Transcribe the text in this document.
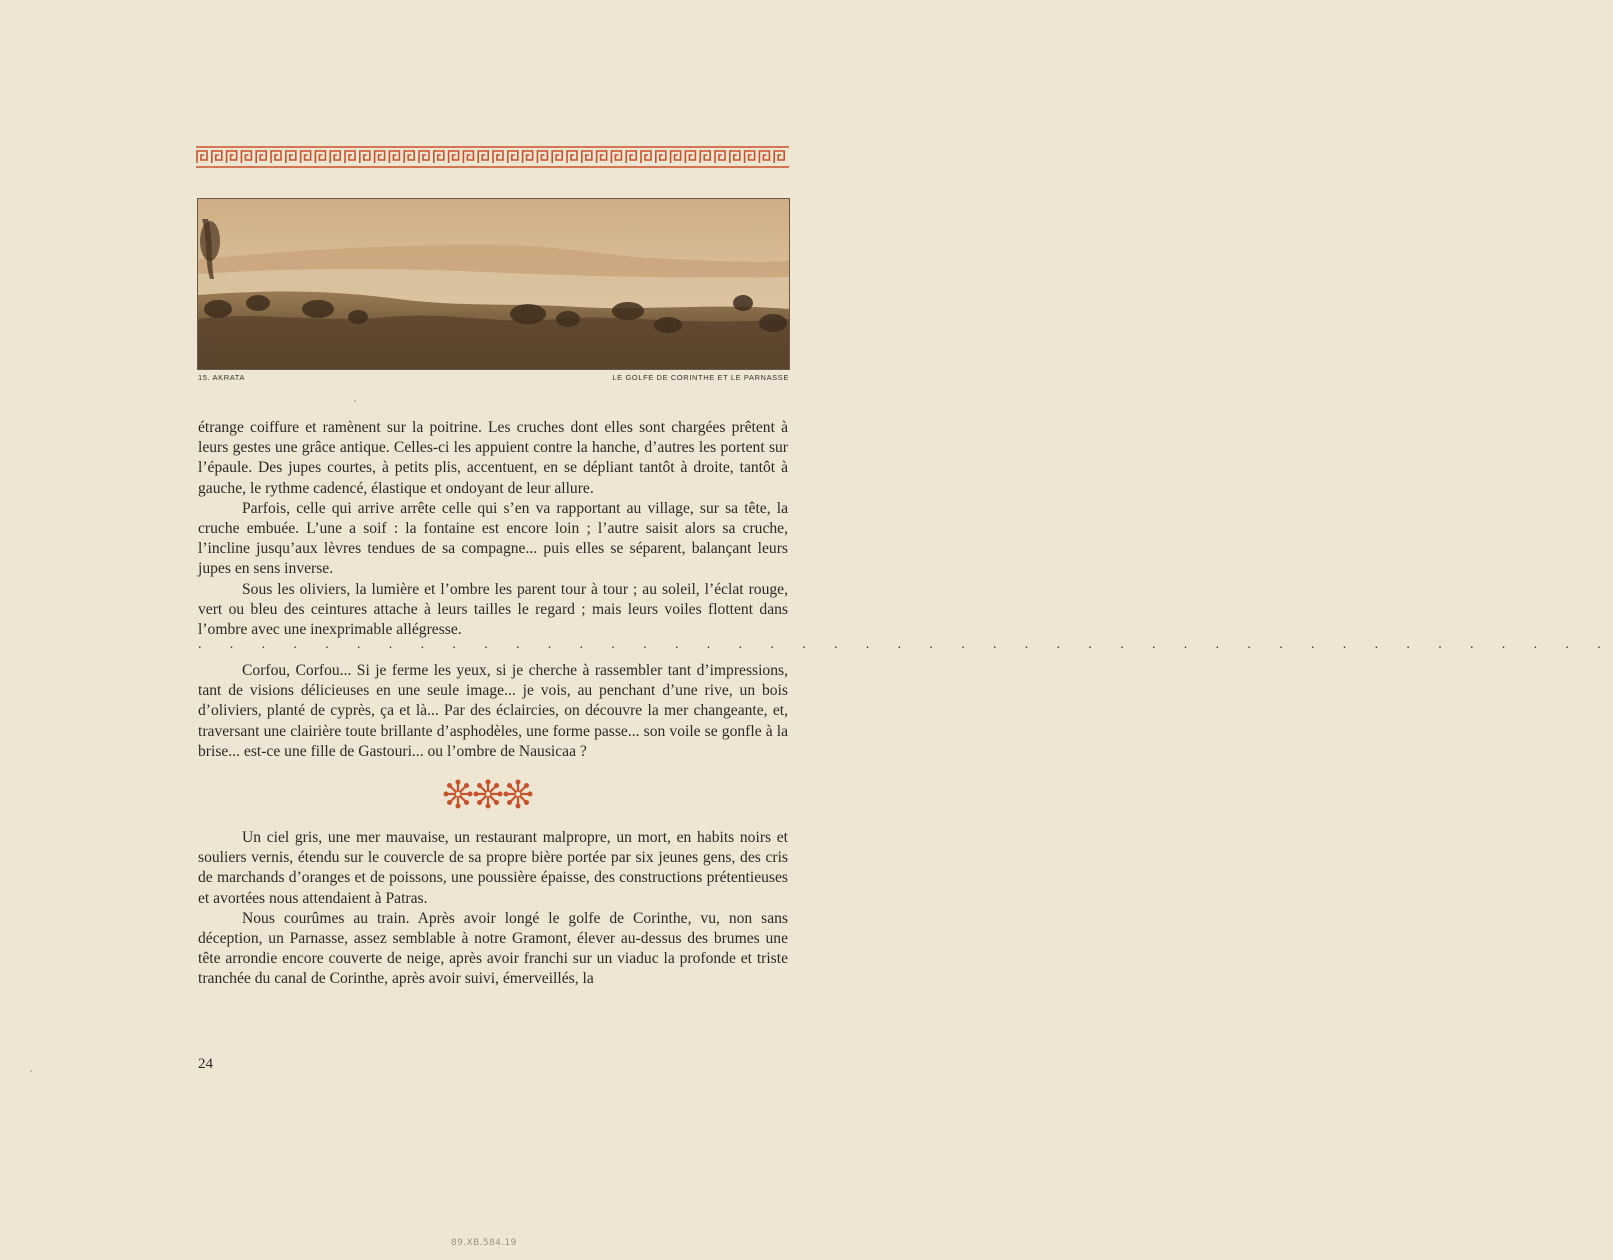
15. AKRATA	LE GOLFE DE CORINTHE ET LE PARNASSE

étrange coiffure et ramènent sur la poitrine. Les cruches dont elles sont chargées prêtent à leurs gestes une grâce antique. Celles-ci les appuient contre la hanche, d’autres les portent sur l’épaule. Des jupes courtes, à petits plis, accentuent, en se dépliant tantôt à droite, tantôt à gauche, le rythme cadencé, élastique et ondoyant de leur allure.

Parfois, celle qui arrive arrête celle qui s’en va rapportant au village, sur sa tête, la cruche embuée. L’une a soif : la fontaine est encore loin ; l’autre saisit alors sa cruche, l’incline jusqu’aux lèvres tendues de sa compagne... puis elles se séparent, balançant leurs jupes en sens inverse.

Sous les oliviers, la lumière et l’ombre les parent tour à tour ; au soleil, l’éclat rouge, vert ou bleu des ceintures attache à leurs tailles le regard ; mais leurs voiles flottent dans l’ombre avec une inexprimable allégresse.

. . . . . . . . . . . . . . . . . . . . . . . . . . . . . . . . . . . . . . . . . . . . .

Corfou, Corfou... Si je ferme les yeux, si je cherche à rassembler tant d’impressions, tant de visions délicieuses en une seule image... je vois, au penchant d’une rive, un bois d’oliviers, planté de cyprès, ça et là... Par des éclaircies, on découvre la mer changeante, et, traversant une clairière toute brillante d’asphodèles, une forme passe... son voile se gonfle à la brise... est-ce une fille de Gastouri... ou l’ombre de Nausicaa ?

Un ciel gris, une mer mauvaise, un restaurant malpropre, un mort, en habits noirs et souliers vernis, étendu sur le couvercle de sa propre bière portée par six jeunes gens, des cris de marchands d’oranges et de poissons, une poussière épaisse, des constructions prétentieuses et avortées nous attendaient à Patras.

Nous courûmes au train. Après avoir longé le golfe de Corinthe, vu, non sans déception, un Parnasse, assez semblable à notre Gramont, élever au-dessus des brumes une tête arrondie encore couverte de neige, après avoir franchi sur un viaduc la profonde et triste tranchée du canal de Corinthe, après avoir suivi, émerveillés, la

24
89.XB.584.19
